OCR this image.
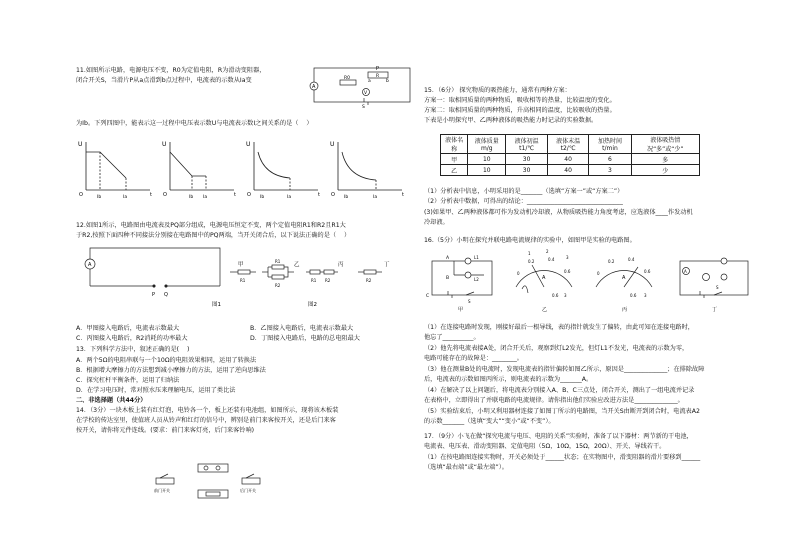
11.如图所示电路，电源电压不变，R0为定值电阻，R为滑动变阻器，
闭合开关S，当滑片P从a点滑到b点过程中，电流表的示数从Ia变
P
a	b
R
A
R0
V
S
为Ib。下列四图中，能表示这一过程中电压表示数U与电流表示数I之间关系的是（    ）
U
O	Ib	Ia	t
U
O	Ib Ia	t
U
O Ib	Ia	t
U
O Ib	Ia	t
12.如图1所示，电路图由电流表及PQ部分组成，电源电压恒定不变，两个定值电阻R1和R2且R1大
于R2,按照下面四种不同接法分别接在电路图中的PQ两端，当开关闭合后，以下说法正确的是（    ）
A
P Q
R1
R1
R2
R1 R2	R2
甲	乙	丙	丁
图1	图2
A．甲图接入电路后，电流表示数最大	B．乙图接入电路后，电流表示数最大
C．丙图接入电路后，R2消耗的功率最大	D．丁图接入电路后，电路的总电阻最大
13．下列科学方法中，叙述正确的是(    )
A．两个5Ω的电阻串联与一个10Ω的电阻效果相同，运用了转换法
B．根据增大摩擦力的方法想到减小摩擦力的方法，运用了逆向思维法
C．探究杠杆平衡条件，运用了归纳法
D．在学习电压时，常对照水压来理解电压，运用了类比法
二、非选择题（共44分）
14．（3分）一块木板上装有红灯泡，电铃各一个，板上还装有电池组，如图所示，现将该木板装
在学校的传达室里，使值班人员从铃声和红灯的信号中，辨别是前门来客按开关，还是后门来客
按开关，请你将元件连线。(要求：前门来客灯亮，后门来客铃响)
前门开关	后门开关
15．（6分） 探究物质的吸热能力，通常有两种方案：
方案一：取相同质量的两种物质，吸收相等的热量，比较温度的变化。
方案二：取相同质量的两种物质，升高相同的温度，比较吸收的热量。
下表是小明探究甲、乙两种液体的吸热能力时记录的实验数据。
液体名称	液体质量m/g	液体初温t1/℃	液体末温t2/℃	加热时间t/min	液体吸热情况“多”或“少”
甲	10	30	40	6	多
乙	10	30	40	3	少
（1）分析表中信息，小明采用的是_______（选填“方案一”或“方案二”）
（2）分析表中数据，可得出的结论：_______________________________
(3)如果甲、乙两种液体都可作为发动机冷却液，从物质吸热能力角度考虑，应选液体____作发动机
冷却液。
16.（5分）小明在探究并联电路电流规律的实验中，如图甲是实验的电路图。
A
B
C
L1
L2
S
0
0.2	0.4
0.6
1	2
3
A
0.6 3
0
0.2	0.4
0.6
A
0.6 3
S
A
甲	乙	丙	丁
（1）在连接电路时发现，刚接好最后一根导线，表的指针就发生了偏转，由此可知在连接电路时，
他忘了__________。
（2）他先将电流表接A处，闭合开关后，观察到灯L2发光，但灯L1不发光，电流表的示数为零，
电路可能存在的故障是：________。
（3）他在测量B处的电流时，发现电流表的指针偏转如图乙所示，原因是______________；在排除故障
后，电流表的示数如图丙所示，则电流表的示数为_______A。
（4）在解决了以上问题后，将电流表分别接入A、B、C三点处，闭合开关，测出了一组电流并记录
在表格中，立即得出了并联电路的电流规律。请你指出他们实验应改进方法是______________。
（5）实验结束后，小明又利用器材连接了如图丁所示的电路图，当开关S由断开到闭合时，电流表A2
的示数_______（选填“变大”“变小”或“不变”）。
17．（9分）小飞在做“探究电流与电压、电阻的关系”实验时，准备了以下器材：两节新的干电池，
电流表、电压表、滑动变阻器、定值电阻（5Ω，10Ω，15Ω，20Ω）、开关、导线若干。
（1）在按电路图连接实物时，开关必须处于______状态；在实物图中，滑变阻器的滑片要移到______
（选填“最右端”或“最左端”）。
